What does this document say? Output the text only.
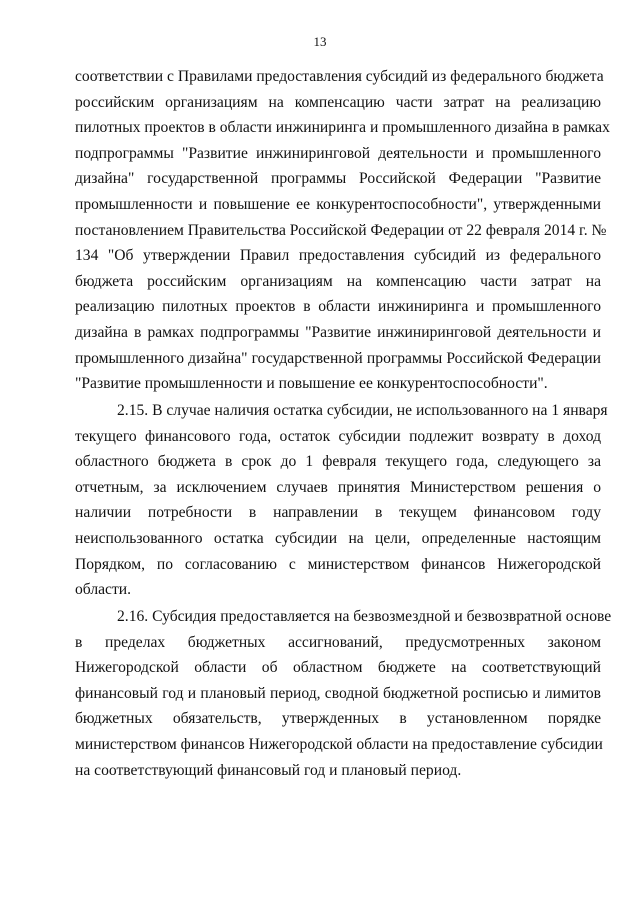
13
соответствии с Правилами предоставления субсидий из федерального бюджета
российским организациям на компенсацию части затрат на реализацию
пилотных проектов в области инжиниринга и промышленного дизайна в рамках
подпрограммы "Развитие инжиниринговой деятельности и промышленного
дизайна" государственной программы Российской Федерации "Развитие
промышленности и повышение ее конкурентоспособности", утвержденными
постановлением Правительства Российской Федерации от 22 февраля 2014 г. №
134 "Об утверждении Правил предоставления субсидий из федерального
бюджета российским организациям на компенсацию части затрат на
реализацию пилотных проектов в области инжиниринга и промышленного
дизайна в рамках подпрограммы "Развитие инжиниринговой деятельности и
промышленного дизайна" государственной программы Российской Федерации
"Развитие промышленности и повышение ее конкурентоспособности".
2.15. В случае наличия остатка субсидии, не использованного на 1 января
текущего финансового года, остаток субсидии подлежит возврату в доход
областного бюджета в срок до 1 февраля текущего года, следующего за
отчетным, за исключением случаев принятия Министерством решения о
наличии потребности в направлении в текущем финансовом году
неиспользованного остатка субсидии на цели, определенные настоящим
Порядком, по согласованию с министерством финансов Нижегородской
области.
2.16. Субсидия предоставляется на безвозмездной и безвозвратной основе
в пределах бюджетных ассигнований, предусмотренных законом
Нижегородской области об областном бюджете на соответствующий
финансовый год и плановый период, сводной бюджетной росписью и лимитов
бюджетных обязательств, утвержденных в установленном порядке
министерством финансов Нижегородской области на предоставление субсидии
на соответствующий финансовый год и плановый период.
